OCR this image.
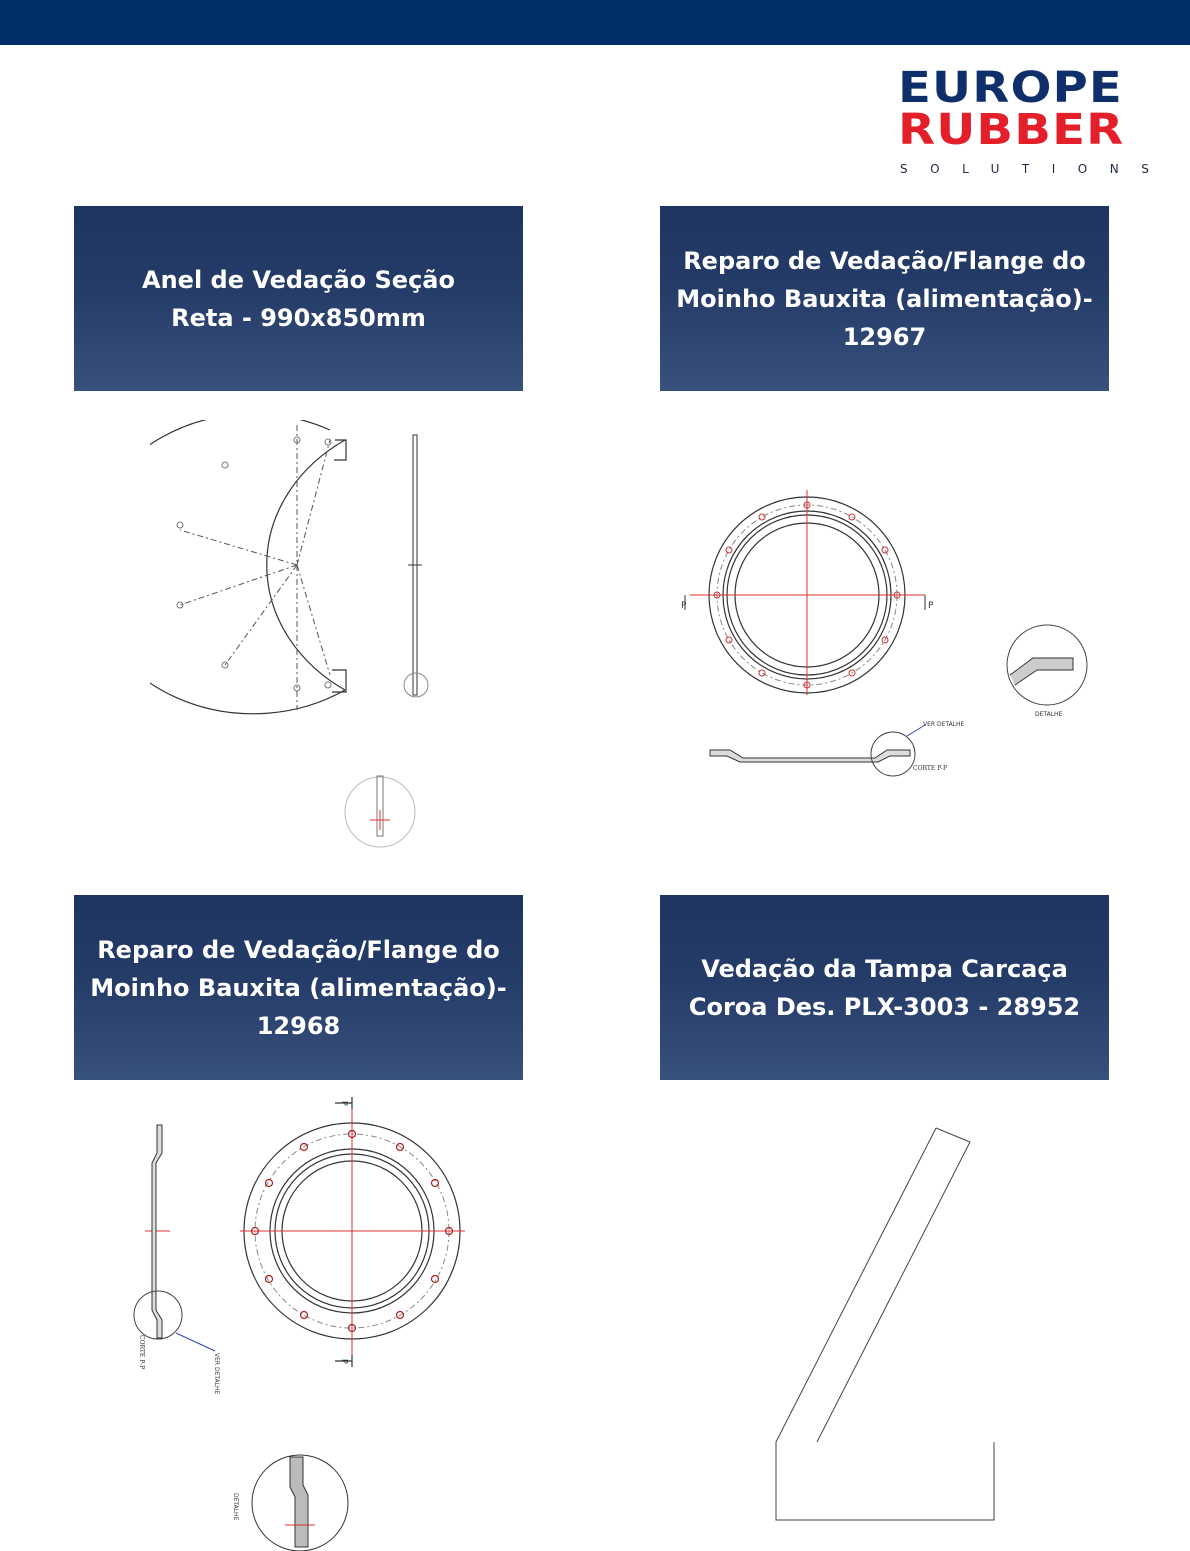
EUROPE
RUBBER
SOLUTIONS
Anel de Vedação Seção
Reta - 990x850mm
Reparo de Vedação/Flange do
Moinho Bauxita (alimentação)-
12967
Reparo de Vedação/Flange do
Moinho Bauxita (alimentação)-
12968
Vedação da Tampa Carcaça
Coroa Des. PLX-3003 - 28952
P	P
DETALHE
VER DETALHE
CORTE P-P
P
P
VER DETALHE
CORTE P-P
DETALHE
